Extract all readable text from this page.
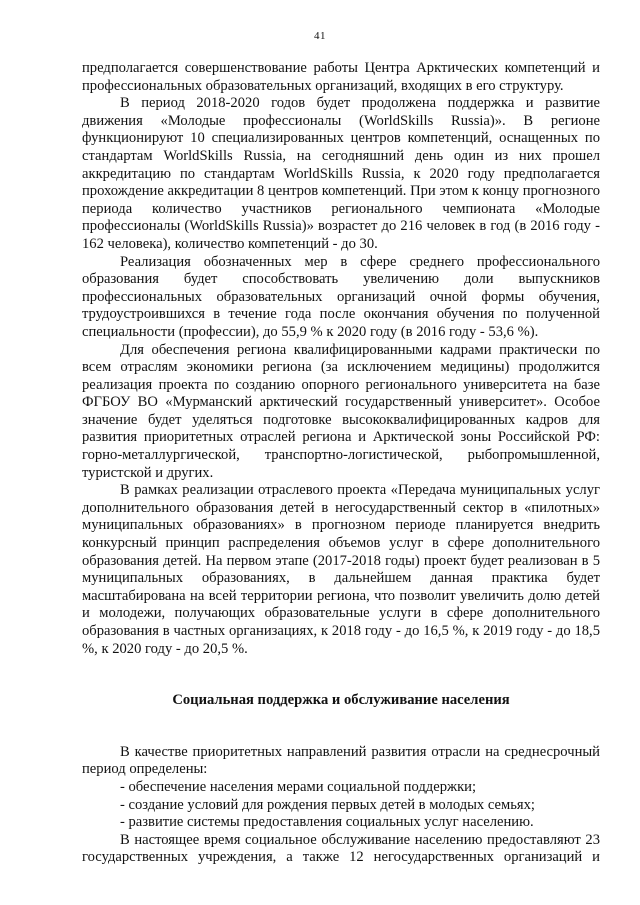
41

предполагается совершенствование работы Центра Арктических компетенций и профессиональных образовательных организаций, входящих в его структуру.

В период 2018-2020 годов будет продолжена поддержка и развитие движения «Молодые профессионалы (WorldSkills Russia)». В регионе функционируют 10 специализированных центров компетенций, оснащенных по стандартам WorldSkills Russia, на сегодняшний день один из них прошел аккредитацию по стандартам WorldSkills Russia, к 2020 году предполагается прохождение аккредитации 8 центров компетенций. При этом к концу прогнозного периода количество участников регионального чемпионата «Молодые профессионалы (WorldSkills Russia)» возрастет до 216 человек в год (в 2016 году - 162 человека), количество компетенций - до 30.

Реализация обозначенных мер в сфере среднего профессионального образования будет способствовать увеличению доли выпускников профессиональных образовательных организаций очной формы обучения, трудоустроившихся в течение года после окончания обучения по полученной специальности (профессии), до 55,9 % к 2020 году (в 2016 году - 53,6 %).

Для обеспечения региона квалифицированными кадрами практически по всем отраслям экономики региона (за исключением медицины) продолжится реализация проекта по созданию опорного регионального университета на базе ФГБОУ ВО «Мурманский арктический государственный университет». Особое значение будет уделяться подготовке высококвалифицированных кадров для развития приоритетных отраслей региона и Арктической зоны Российской РФ: горно-металлургической, транспортно-логистической, рыбопромышленной, туристской и других.

В рамках реализации отраслевого проекта «Передача муниципальных услуг дополнительного образования детей в негосударственный сектор в «пилотных» муниципальных образованиях» в прогнозном периоде планируется внедрить конкурсный принцип распределения объемов услуг в сфере дополнительного образования детей. На первом этапе (2017-2018 годы) проект будет реализован в 5 муниципальных образованиях, в дальнейшем данная практика будет масштабирована на всей территории региона, что позволит увеличить долю детей и молодежи, получающих образовательные услуги в сфере дополнительного образования в частных организациях, к 2018 году - до 16,5 %, к 2019 году - до 18,5 %, к 2020 году - до 20,5 %.

Социальная поддержка и обслуживание населения

В качестве приоритетных направлений развития отрасли на среднесрочный период определены:

- обеспечение населения мерами социальной поддержки;

- создание условий для рождения первых детей в молодых семьях;

- развитие системы предоставления социальных услуг населению.

В настоящее время социальное обслуживание населению предоставляют 23 государственных учреждения, а также 12 негосударственных организаций и
